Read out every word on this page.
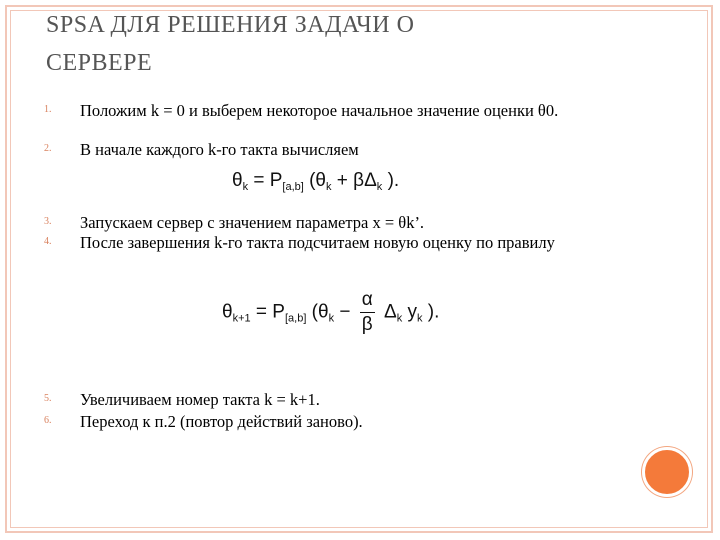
SPSA ДЛЯ РЕШЕНИЯ ЗАДАЧИ О
СЕРВЕРЕ
1.	Положим k = 0 и выберем некоторое начальное значение оценки θ0.
2.	В начале каждого k-го такта вычисляем
$\theta_k = P_{[a,b]}$ ($\theta_k + \beta\Delta_k$ ).
3.	Запускаем сервер с значением параметра x = θk’.
4.	После завершения k-го такта подсчитаем новую оценку по правилу
$\theta_{k+1} = P_{[a,b]}$ ($\theta_k - \frac{\alpha}{\beta} \Delta_k$ $y_k$ ).
5.	Увеличиваем номер такта k = k+1.
6.	Переход к п.2 (повтор действий заново).
